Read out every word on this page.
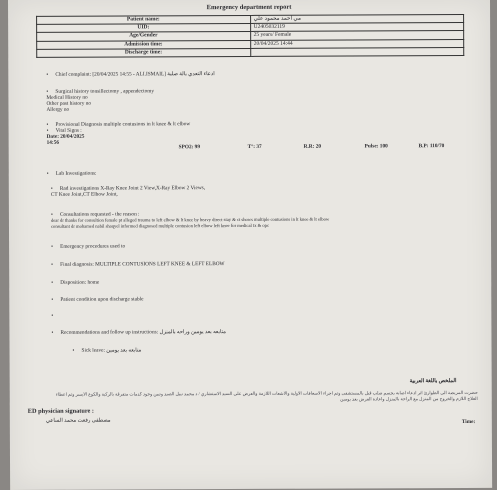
Emergency department report
Patient name:	مي احمد محمود علي
UID:	U2405032119
Age/Gender	25 years/ Female
Admission time:	20/04/2025 14:44
Discharge time:	
• Chief complaint: [20/04/2025 14:55 - ALI.ISMAIL] ادعاء التعدي بالة صلبة
• Surgical history tonsillectomy , appendectomy
Medical History no
Other past history no
Allergy no
• Provisional Diagnosis multiple contusions in lt knee & lt elbow
• Vital Signs :
Date: 20/04/2025
14:56
SPO2: 99	T°: 37	R.R: 20	Pulse: 100	B.P: 110/70
• Lab Investigations:
• Rad investigations X-Ray Knee Joint 2 View,X-Ray Elbow 2 Views,
CT Knee Joint,CT Elbow Joint,
• Consultations requested - the reason :
dear dr thanks for consultion female pt alleged trauma to left elbow & lt knee by heavy direct stay & ct shows multiple contusions in lt knee & lt elbow
consultant dr mohamed nabil shaqyel informed diagnosed multiple contusion left elbow left knee for medical tx & opc
• Emergency procedures used to
• Final diagnosis: MULTIPLE CONTUSIONS LEFT KNEE & LEFT ELBOW
• Disposition: home
• Patient condition upon discharge stable
•
• Recommendations and follow up instructions: متابعه بعد يومين وراحه بالمنزل
• Sick leave: متابعه بعد يومين
الملخص باللغة العربية
حضرت المريضة الى الطوارئ اثر ادعاء اصابة بجسم صلب قبل بالمستشفى وتم اجراء الاسعافات الاولية والاشعات اللازمة والعرض على السيد الاستشاري / د محمد نبيل الصيد وتبين وجود كدمات متفرقة بالركبة والكوع الايسر وتم اعطاء العلاج اللازم والخروج من المنزل مع الراحة بالمنزل واعادة العرض بعد يومين
ED physician signature :
مصطفى رفعت محمد الساعي	Time:
